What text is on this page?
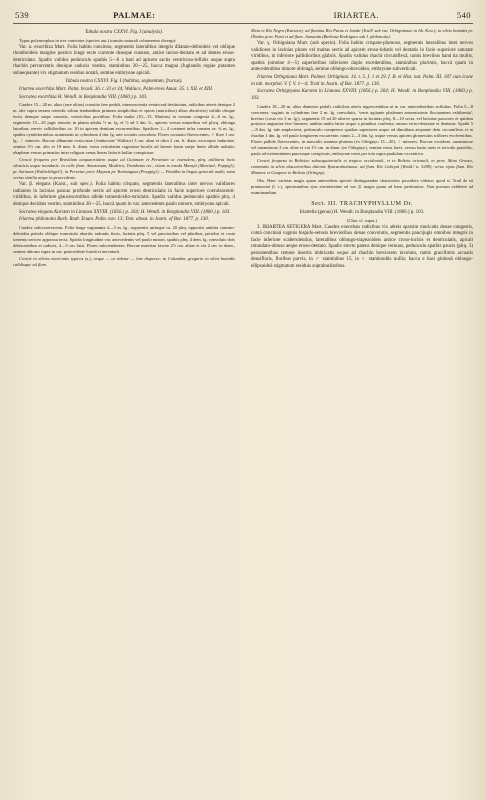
539	PALMAE:	IRIARTEA.	540

Tabula nostra CXXVI. Fig. I (analysis).

Typus polymorphus in tres varietates (species aut.) transitu naturali cohaerentes divergit:

Var. α. exorrhiza Mart. Folia habitu concinno, segmentis lateralibus integris dilatato-deltoideis vel oblique rhomboideis margine postico longe recte currente deasque cuneato, antice inciso-dentato et ad dentes eroso-denticulato. Spadix validus pedunculo spathis 5—6 a basi ad apicem sactis ventricoso-inflatis usque supra rhachin percurrentis denique caducis vestito, staminibus 20—25, bacca magna (Juglandis regiae putamen subaequante) vix stigmatum residuo notatâ, semine embryone apicali.

Tabula nostra CXXVI. Fig. I (habitus, segmentum, fructus).

Iriartea exorrhiza Mart. Palm. brasil. 36. t. 33 et 34; Wallace, Palm-trees Amaz. 35. t. XII. et XIII.

Socratea exorrhiza H. Wendl. in Bonplandia VIII. (1860.) p. 103.

Caudex 15—20 m. altus (rare ultius) crassitie fere pedali, internoscentia ventricosâ destitutum, radicibus aëreis denique 2 m. alte supra terram ortendis solum tenduntibus primum simplicibus et spinis (muricibus) albus aboritivis) validis obsque tectis demque saepe cuneatis, ventricibus puvitibus. Folia multa (10—15. Martius) in comam congesta 4—6 m. lg., segmentis 15—20 jugis remotis in planta adulta ½ m. lg. et ½ ad 3 dm. lt., apicem versus minoribus vel plicq. oblonga latoribus, nervis callidioribus ca. 10 in apicem dentium excurrentibus. Spadices 1—4 coetanei infra comam ca. ¾ m. lg., spathis cymbiformibus acuminatis in cylindrum 4 dm. lg. arte sociatis convoluta. Flores coronato-flavescentes, ♂ flore 1 cm. lg., ♀ minores. Baccae albumine exsiccatae ('embocuite' Wallace) 3 cm. altae et ultra 2 cm. lt. diam. exocarpio induratae, semine 3½ cm. alto et 18 mm. lt. diam. extus reticulatim rugosiuse-loculis ad lateras basin saepe lineis albide radiatis; ehapheae versus primatiac inter religuus venas lineas latioris bullae conspicuae.

Crescit frequens per Brasiliam aequatorialem usque ad Guianam et Peruviam se extendens, plrq. utilitaria locis silvaticis usque inundatis: in colle flum. Amazonum, Madeira, Trombetas etc., etiam in insula Marajó (Martius!, Poppig!); pr. Surinam (Wullschlägel!); in Peruviae prov. Maynas pr. Yurimaguas (Poeppig!). — Paxiúba in lingua generali audit; vana verius similia atque in praecedente.

Var. β. elegans (Karst., sub spec.). Folia habitu crispato, segmentis lateralibus inter nervos validiores radiantes in lacinias paucas profunde sectis ad apicem eroso denticulatis in facie superiore coeruleacenti-viridibus, in inferiore glaucescentibus albide tomenticello-striolatis. Spadix validus pedunculo spathis plrq. 4 denique deciduis vestito, staminibus 20—25, baccâ quam in var. antecedente paulo minore, embryone apicali.

Socratea elegans Karsten in Linnaea XXVIII. (1856.) p. 264; H. Wendl. in Bonplandia VIII. (1860.) p. 103.

Iriartea philonotia Barb. Rodr. Enum. Palm. nov. 13; Tent. about. in Journ. of Bot. 1877. p. 130.

Caudex subcorrerescens. Folia longe vaginantia 4—5 m. lg., segmentis utrinque ca. 20 plrq. oppositis ambitu cuneato-deltoidea petiolo oblique truncatulo aboritis raduntis fissis, laciniis plrq. 5 vel paucioribus vel pluribus; petiolus et costa tomento sericeo approssa tecta. Spadix longitudine var. antecedentis vel paulo minori, spathis plrq. 4 dem. lg. convoluto dois dehiscentibus et caducis, 4—5 cm. latis. Flores subcrendentes. Baccae materiae favore 2½ cm. alitae et via 2 cm. in diam., semine ubicam supra in var. praecedente formâ et nervaturâ.

Crescit in silvios mericiatis typicos (s.), neque — ut videtur — late disperso: in Columbia, gregaria in silvis humidis calidisque ad flum.

Meta et Rio Negro (Karsten); ad flumina Rio Purus et Jatahi (Trail! sub var. Orbignianae in hb. Kew.); in silvis humidis pr. Óbidos prov. Pará et ad flum. Jamunda (Barbosa Rodrigues sub I. philonotia).

Var. γ. Orbigniana Mart. (sub specie). Folia habitu crispato-plumoso, segmentis lateralibus inter nervos validiores in lacinias plures vel maltas sectis ad apicem eroso-lobatis vel dentatis in facie superiore saturate viridibus, in inferiore pallidioribus glabris. Spadix validus rhachi circumflexâ, ramis brevibus hand ita multis, spathis (omnine 4—5) superioribus inferiores duplo excedentibus, staminibus plurimis, baccâ quam in antecedentibus minore oblongâ, semine oblongo-obovoideo, embryone subverticali.

Iriartea Orbigniana Mart. Palmet. Orbignian. 14. t. 5. f. 1 et 29. f. B. et Hist. nat. Palm. III. 187 cum icone in tab. morphol. V. f. V. 1—4; Trail in Journ. of Bot. 1877. p. 130.

Socratea Orbignyana Karsten in Linnaea XXVIII. (1856.) p. 264; H. Wendl. in Bonplandia VIII. (1860.) p. 103.

Caudex 18—20 m. altus diametro pedali, radicibus aëreis nigrescentibus ut in var. antecedentibus suffultus. Folia 5—8 crescenea, vaginis in cylindrum fere 2 m. lg. convolutis, 'venis agitante phaleram amoenissime fluctuantem exhibentia', brevius (costa vix 3 m. lg.), segmentis 15 ad 20 ulterve sparsa in lacinias plrq. 8—10 secta, vel laciniae paucores et quidem postiace angustiae fere lineares; ambitu multo latior usque a pinnibus confertia, omnes eroso-dentatae et dentatae. Spathi 5—8 dm. lg. tale amplectens, pedunculo compresso spathas superiores usque ad dimidium aequante dein circumflexo et in rhachin 1 dm. lg. vel paulo longiorem excurrente, ramis 2—3 dm. lg. usque versus apicem glomerulos triflores evolventibus. Flores pallide flavescentes, in masculis stamina plurima (ex Orbignyo 15—20), ♀ minores. Baccae ovoideae, aurantiacae vel aurantiacae 2 cm. altae et via 1½ cm. in diam. (ex Orbignyo), semine extus laevi, versus basin areis et reticulo praeditis, paulo ad extremitatem punctaque conspicuis, embryone venis per tota supra paululum excentrico.

Crescit frequens in Boliviae subaequatorialis et tropica occidentali, et in Bolivia orientali, in prov. Moto Grosso, communis in silvis obscurioribus ditionis Ypacarahuitanae, ad flum. Rio Cabeyal (Wedd.! n. 3298); verus ripas flum. Rio Mamore et Guapore in Bolivia (Orbigny).

Obs. Haec varietas magis quam antecedens speciei distinguendae characteres possidere videtur; quod st. Trail de eâ pronunciat (l. c.), speciminibus ejus erroneissime ad var. β. magis quam ad hanc pertinuisse. Non possum exhibere ad examinandum.

Sect. III. TRACHYPHYLLUM Dr.

Iriartella (genus) H. Wendl. in Bonplandia VIII. (1860.) p. 103.

(Char. cf. supra.)

3. IRIARTEA SETIGERA Mart. Caudex execelsus radicibus vix aëreis sparsim muricatis denae congestis, comâ concinnâ vaginis hispido-setosis brevioribus denae convolutis, segmentis paucijugis omnibus integris in facie inferiore scaberulentius, lateralibus oblongo-trapezoideis antice croso-incisis et denticulatis, apicali rotundato-obtuso aeque eroso-dentato. Spadix erecto patens denique cernuus, pedunculo spathis paucis (plrq. 3) persistentibus remote insertis imbricatis usque ad rhachin breviorem involuto, ramis gracillimis arcuatis densifloris, floribus parvis, in ♂ staminibus 15, in ♀ staminodiis nullis; bacca e basi globosâ oblongo-ellipsoideâ stigmatum residuis suprabasilaribus.
